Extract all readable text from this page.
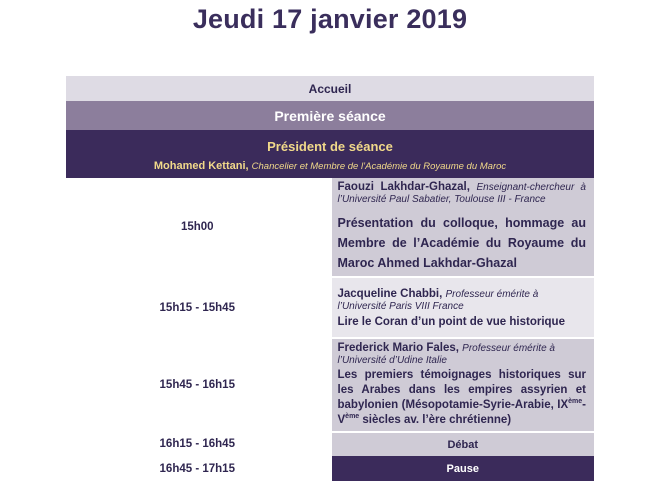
Jeudi 17 janvier 2019
Accueil	
Première séance	

Président de séance
Mohamed Kettani, Chancelier et Membre de l’Académie du Royaume du Maroc	

15h00	Faouzi Lakhdar-Ghazal, Enseignant-chercheur à l’Université Paul Sabatier, Toulouse III - France
Présentation du colloque, hommage au Membre de l’Académie du Royaume du Maroc Ahmed Lakhdar-Ghazal

15h15 - 15h45	Jacqueline Chabbi, Professeur émérite à l’Université Paris VIII France
Lire le Coran d’un point de vue historique

15h45 - 16h15	Frederick Mario Fales, Professeur émérite à l’Université d’Udine Italie
Les premiers témoignages historiques sur les Arabes dans les empires assyrien et babylonien (Mésopotamie-Syrie-Arabie, IXème- Vème siècles av. l’ère chrétienne)

16h15 - 16h45	Débat
16h45 - 17h15	Pause
